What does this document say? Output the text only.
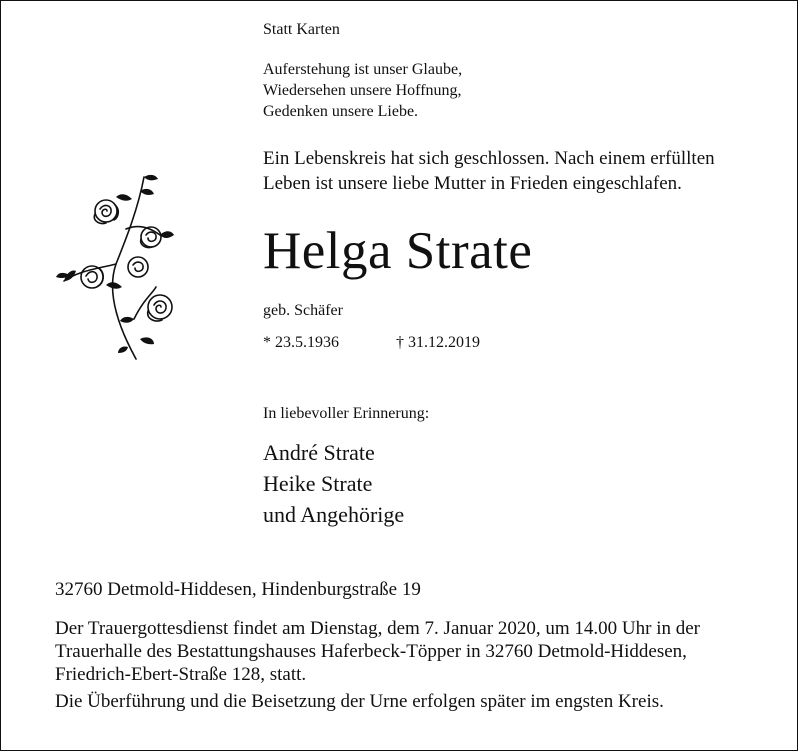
Statt Karten
Auferstehung ist unser Glaube,
Wiedersehen unsere Hoffnung,
Gedenken unsere Liebe.
Ein Lebenskreis hat sich geschlossen. Nach einem erfüllten
Leben ist unsere liebe Mutter in Frieden eingeschlafen.
Helga Strate
geb. Schäfer
* 23.5.1936	† 31.12.2019
In liebevoller Erinnerung:
André Strate
Heike Strate
und Angehörige
32760 Detmold-Hiddesen, Hindenburgstraße 19
Der Trauergottesdienst findet am Dienstag, dem 7. Januar 2020, um 14.00 Uhr in der
Trauerhalle des Bestattungshauses Haferbeck-Töpper in 32760 Detmold-Hiddesen,
Friedrich-Ebert-Straße 128, statt.
Die Überführung und die Beisetzung der Urne erfolgen später im engsten Kreis.
